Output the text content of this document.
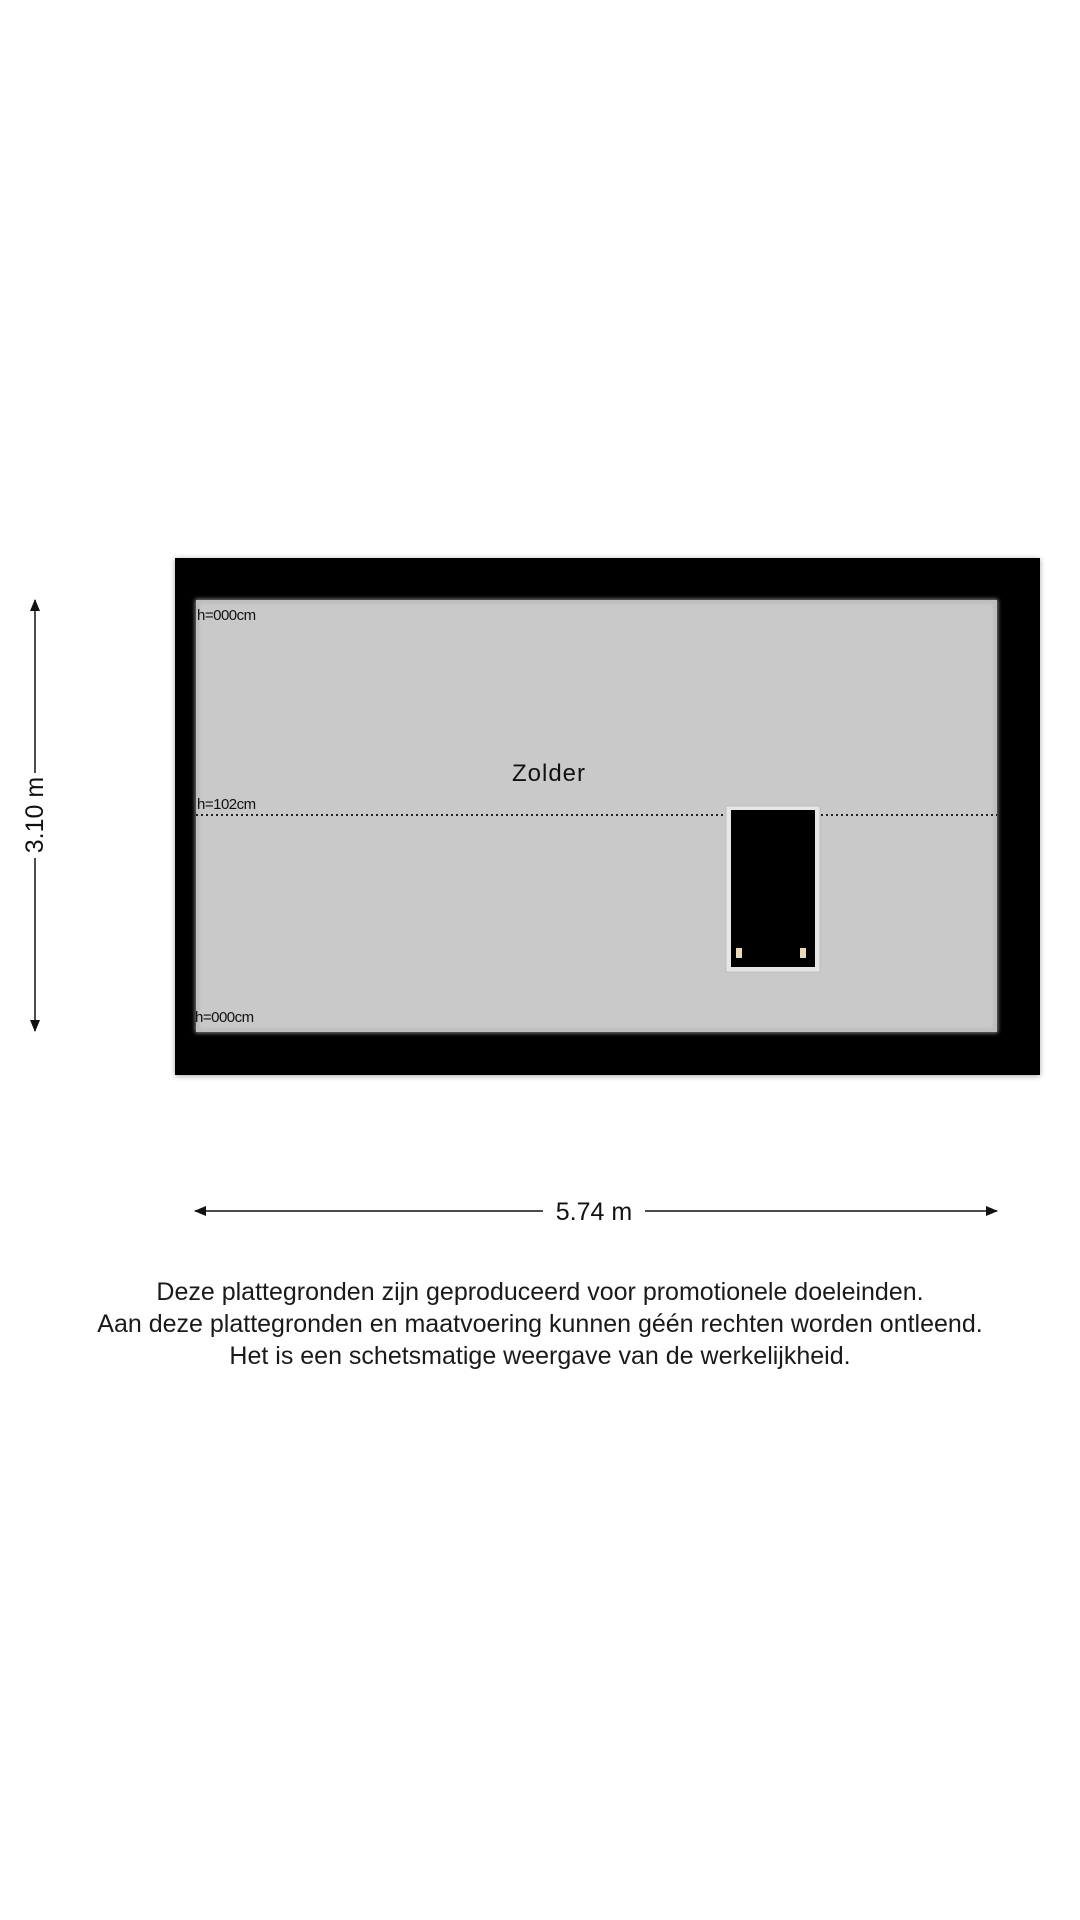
Zolder
h=000cm
h=102cm
h=000cm
3.10 m
5.74 m
Deze plattegronden zijn geproduceerd voor promotionele doeleinden.
Aan deze plattegronden en maatvoering kunnen géén rechten worden ontleend.
Het is een schetsmatige weergave van de werkelijkheid.
